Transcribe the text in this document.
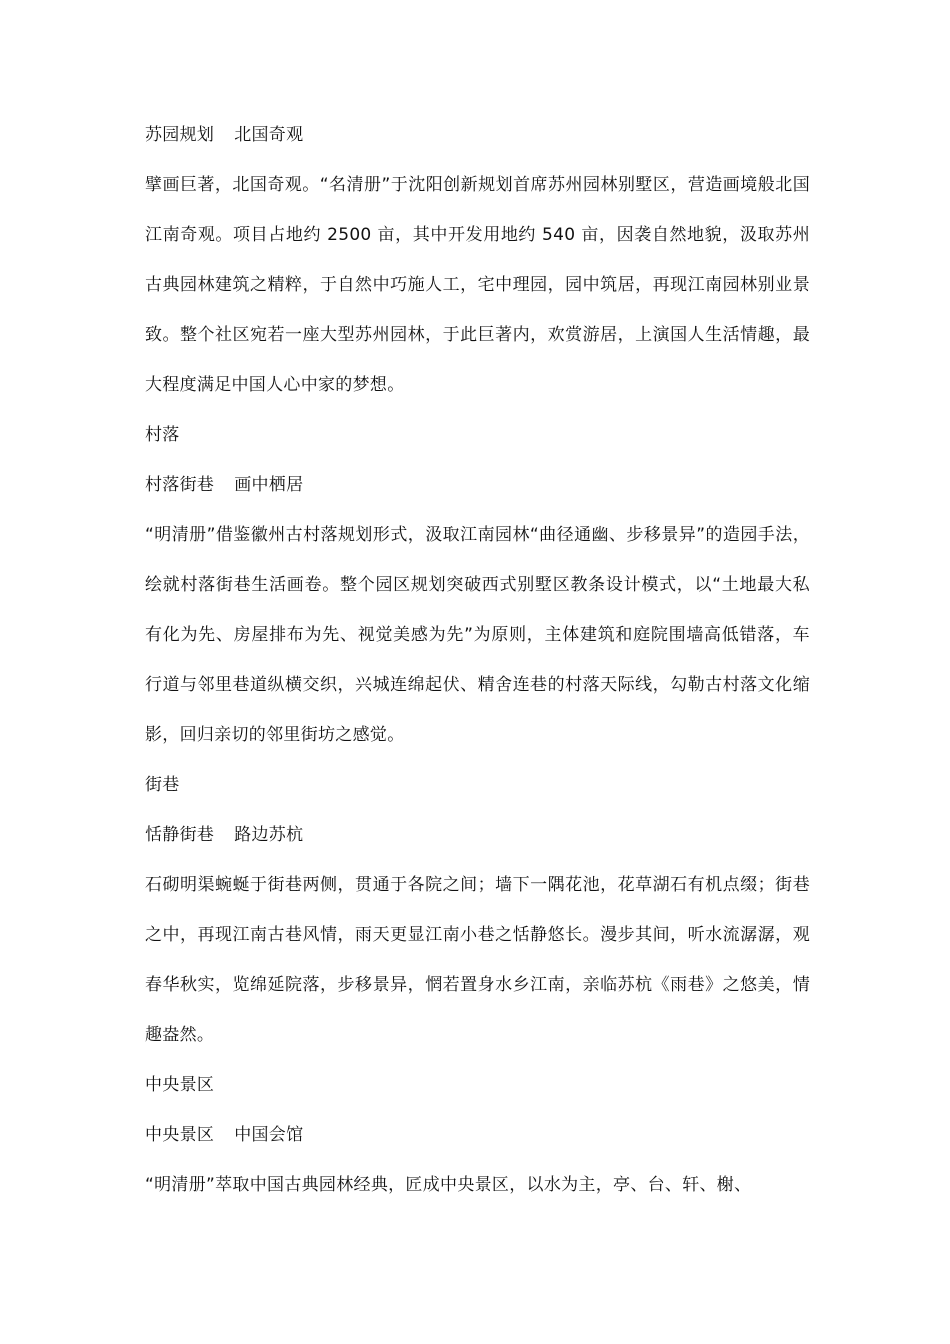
苏园规划 北国奇观
擘画巨著，北国奇观。“名清册”于沈阳创新规划首席苏州园林别墅区，营造画境般北国江南奇观。项目占地约 2500 亩，其中开发用地约 540 亩，因袭自然地貌，汲取苏州古典园林建筑之精粹，于自然中巧施人工，宅中理园，园中筑居，再现江南园林别业景致。整个社区宛若一座大型苏州园林，于此巨著内，欢赏游居，上演国人生活情趣，最大程度满足中国人心中家的梦想。
村落
村落街巷 画中栖居
“明清册”借鉴徽州古村落规划形式，汲取江南园林“曲径通幽、步移景异”的造园手法，绘就村落街巷生活画卷。整个园区规划突破西式别墅区教条设计模式，以“土地最大私有化为先、房屋排布为先、视觉美感为先”为原则，主体建筑和庭院围墙高低错落，车行道与邻里巷道纵横交织，兴城连绵起伏、精舍连巷的村落天际线，勾勒古村落文化缩影，回归亲切的邻里街坊之感觉。
街巷
恬静街巷 路边苏杭
石砌明渠蜿蜒于街巷两侧，贯通于各院之间；墙下一隅花池，花草湖石有机点缀；街巷之中，再现江南古巷风情，雨天更显江南小巷之恬静悠长。漫步其间，听水流潺潺，观春华秋实，览绵延院落，步移景异，惘若置身水乡江南，亲临苏杭《雨巷》之悠美，情趣盎然。
中央景区
中央景区 中国会馆
“明清册”萃取中国古典园林经典，匠成中央景区，以水为主，亭、台、轩、榭、
